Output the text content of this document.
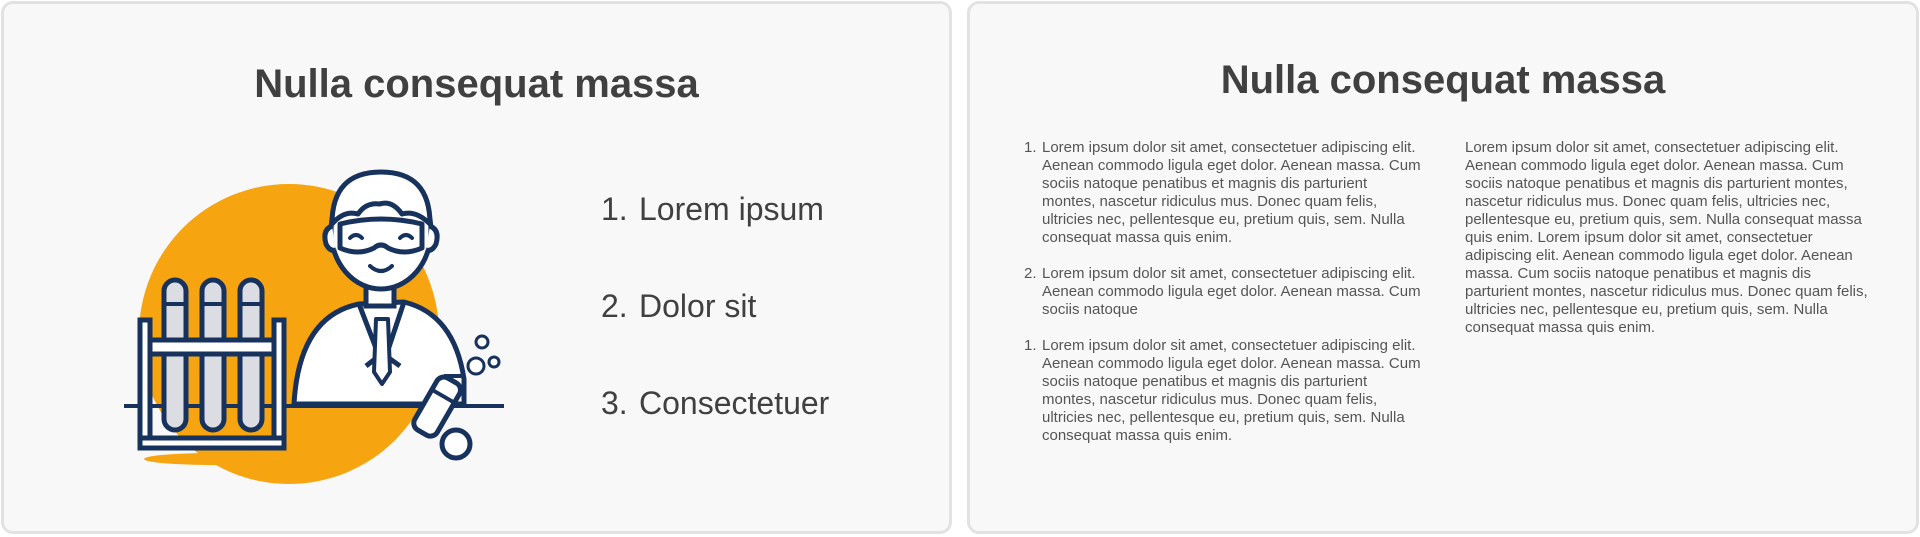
Nulla consequat massa
1. Lorem ipsum
2. Dolor sit
3. Consectetuer
Nulla consequat massa
1. Lorem ipsum dolor sit amet, consectetuer adipiscing elit. Aenean commodo ligula eget dolor. Aenean massa. Cum sociis natoque penatibus et magnis dis parturient montes, nascetur ridiculus mus. Donec quam felis, ultricies nec, pellentesque eu, pretium quis, sem. Nulla consequat massa quis enim.
2. Lorem ipsum dolor sit amet, consectetuer adipiscing elit. Aenean commodo ligula eget dolor. Aenean massa. Cum sociis natoque
1. Lorem ipsum dolor sit amet, consectetuer adipiscing elit. Aenean commodo ligula eget dolor. Aenean massa. Cum sociis natoque penatibus et magnis dis parturient montes, nascetur ridiculus mus. Donec quam felis, ultricies nec, pellentesque eu, pretium quis, sem. Nulla consequat massa quis enim.

Lorem ipsum dolor sit amet, consectetuer adipiscing elit. Aenean commodo ligula eget dolor. Aenean massa. Cum sociis natoque penatibus et magnis dis parturient montes, nascetur ridiculus mus. Donec quam felis, ultricies nec, pellentesque eu, pretium quis, sem. Nulla consequat massa quis enim. Lorem ipsum dolor sit amet, consectetuer adipiscing elit. Aenean commodo ligula eget dolor. Aenean massa. Cum sociis natoque penatibus et magnis dis parturient montes, nascetur ridiculus mus. Donec quam felis, ultricies nec, pellentesque eu, pretium quis, sem. Nulla consequat massa quis enim.
